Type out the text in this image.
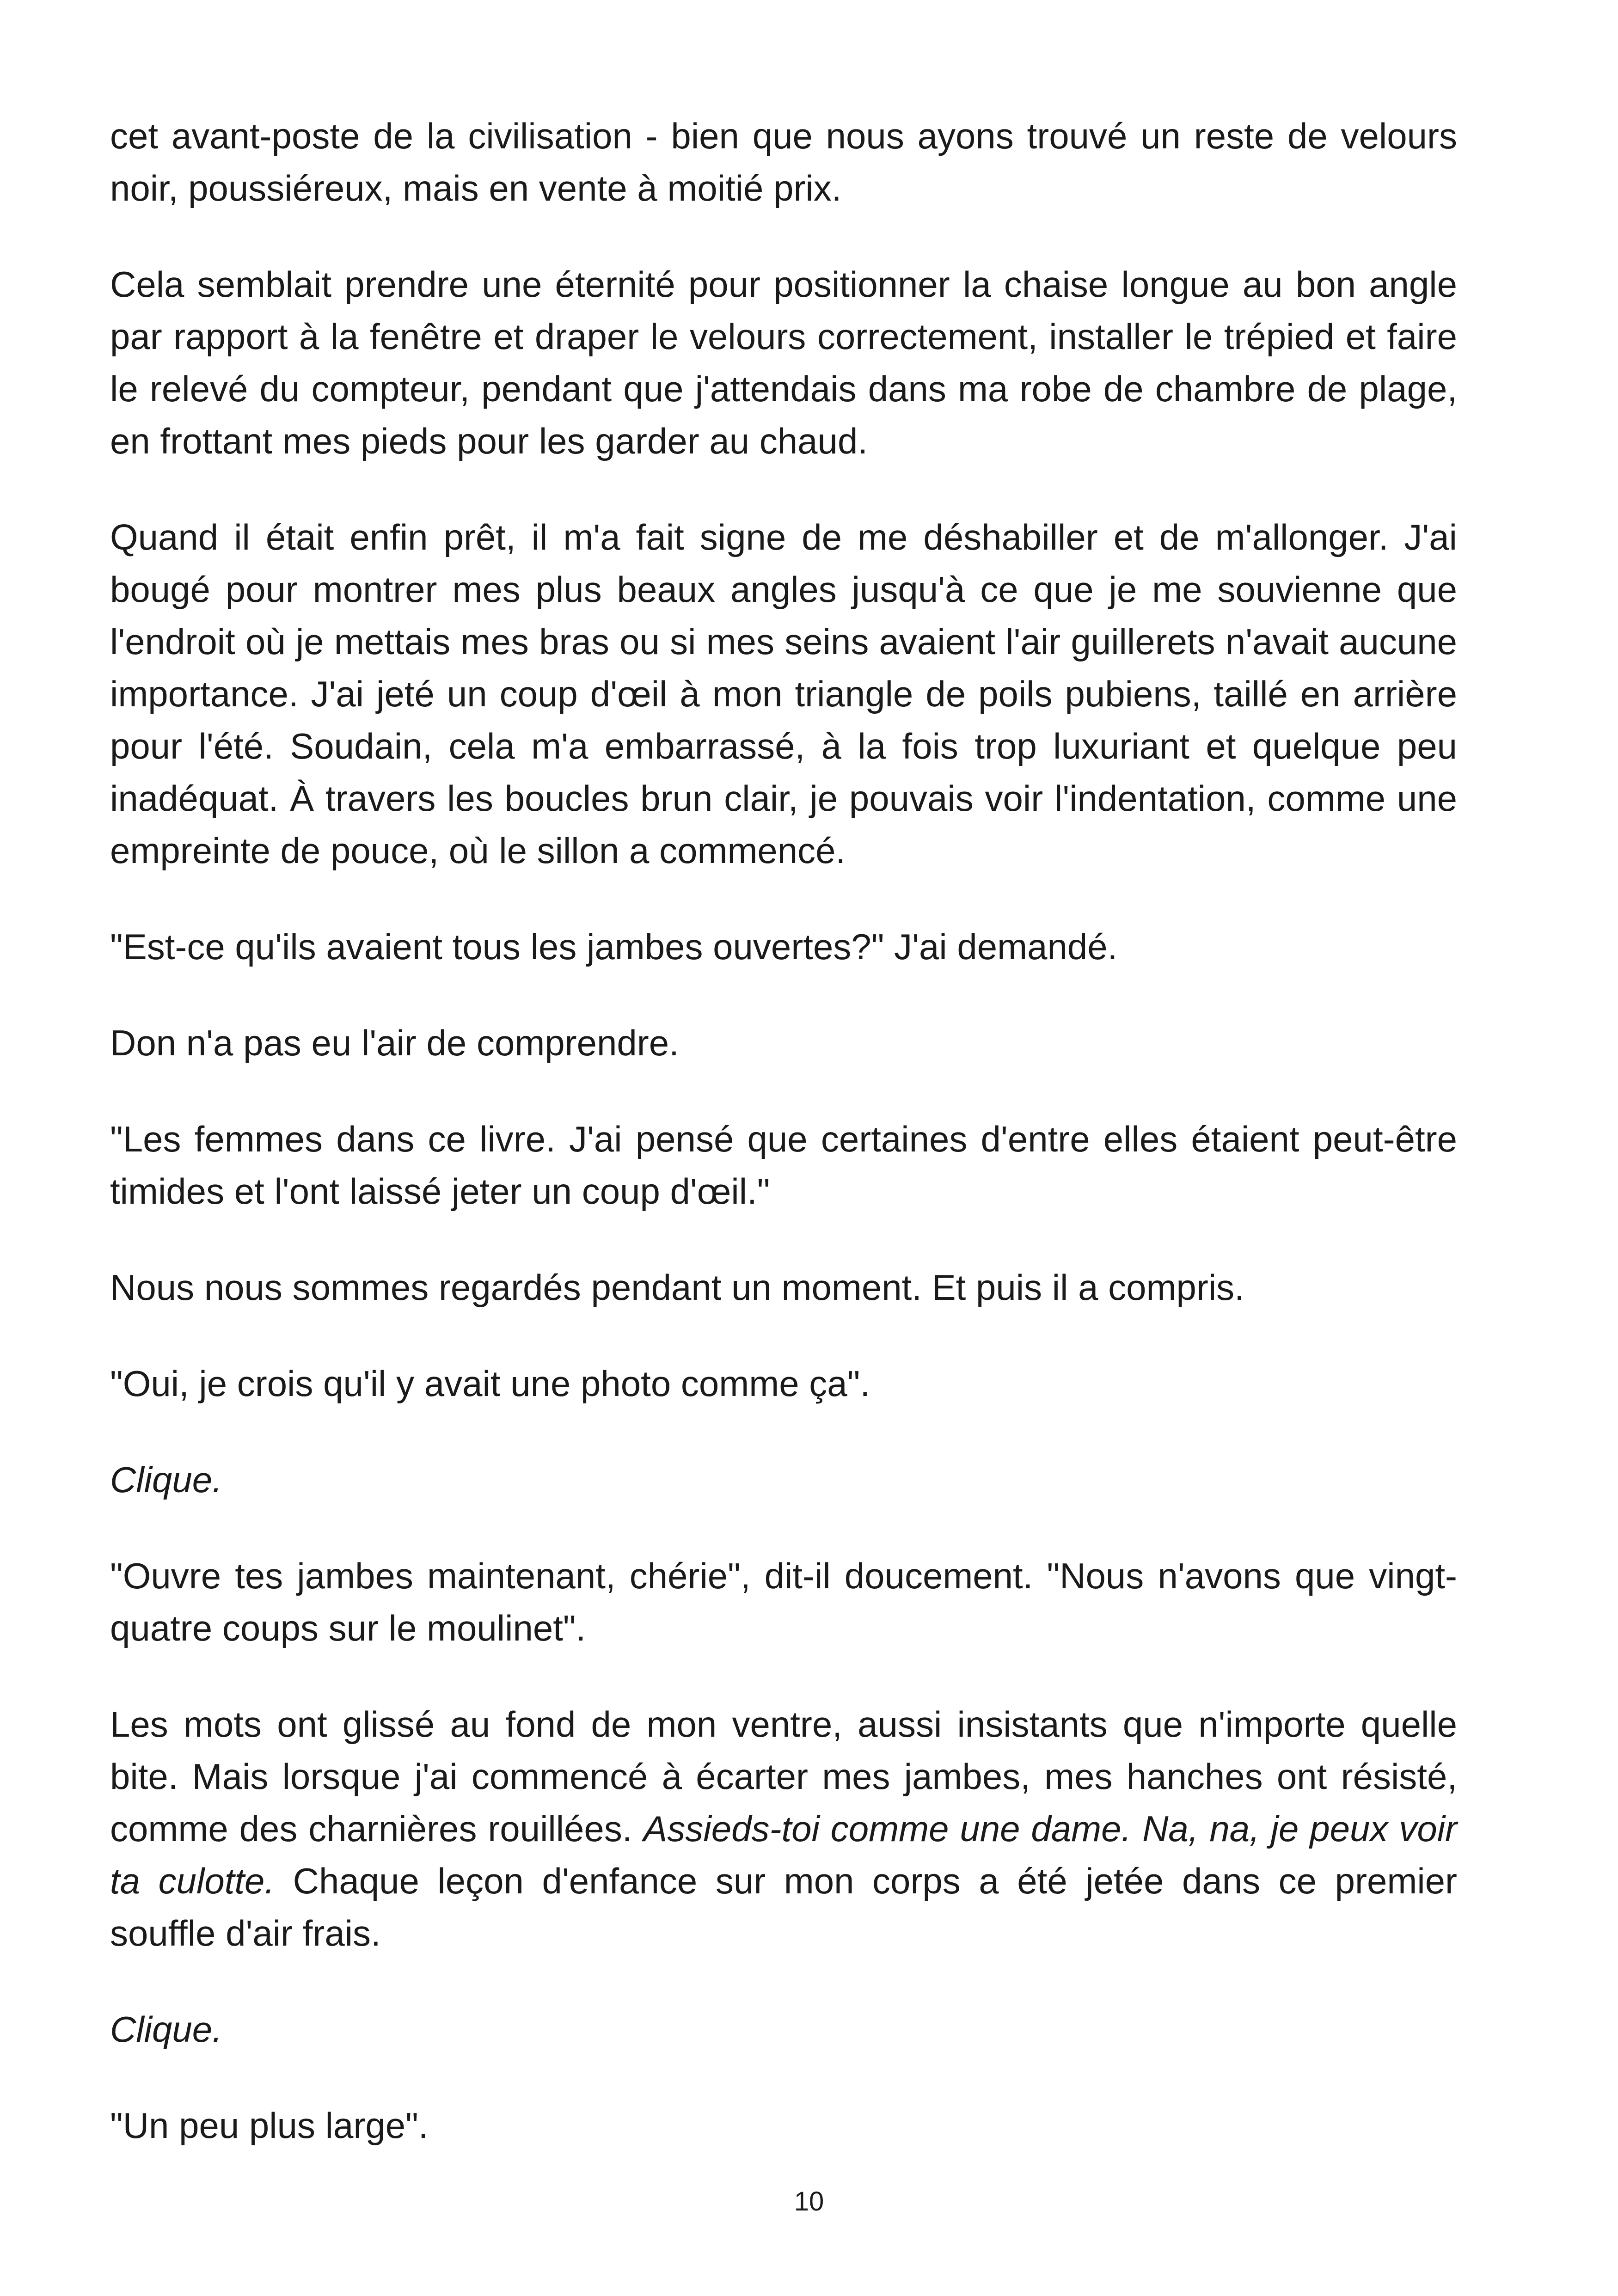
cet avant-poste de la civilisation - bien que nous ayons trouvé un reste de velours noir, poussiéreux, mais en vente à moitié prix.

Cela semblait prendre une éternité pour positionner la chaise longue au bon angle par rapport à la fenêtre et draper le velours correctement, installer le trépied et faire le relevé du compteur, pendant que j'attendais dans ma robe de chambre de plage, en frottant mes pieds pour les garder au chaud.

Quand il était enfin prêt, il m'a fait signe de me déshabiller et de m'allonger. J'ai bougé pour montrer mes plus beaux angles jusqu'à ce que je me souvienne que l'endroit où je mettais mes bras ou si mes seins avaient l'air guillerets n'avait aucune importance. J'ai jeté un coup d'œil à mon triangle de poils pubiens, taillé en arrière pour l'été. Soudain, cela m'a embarrassé, à la fois trop luxuriant et quelque peu inadéquat. À travers les boucles brun clair, je pouvais voir l'indentation, comme une empreinte de pouce, où le sillon a commencé.

"Est-ce qu'ils avaient tous les jambes ouvertes?" J'ai demandé.

Don n'a pas eu l'air de comprendre.

"Les femmes dans ce livre. J'ai pensé que certaines d'entre elles étaient peut-être timides et l'ont laissé jeter un coup d'œil."

Nous nous sommes regardés pendant un moment. Et puis il a compris.

"Oui, je crois qu'il y avait une photo comme ça".

Clique.

"Ouvre tes jambes maintenant, chérie", dit-il doucement. "Nous n'avons que vingt-quatre coups sur le moulinet".

Les mots ont glissé au fond de mon ventre, aussi insistants que n'importe quelle bite. Mais lorsque j'ai commencé à écarter mes jambes, mes hanches ont résisté, comme des charnières rouillées. Assieds-toi comme une dame. Na, na, je peux voir ta culotte. Chaque leçon d'enfance sur mon corps a été jetée dans ce premier souffle d'air frais.

Clique.

"Un peu plus large".

10
